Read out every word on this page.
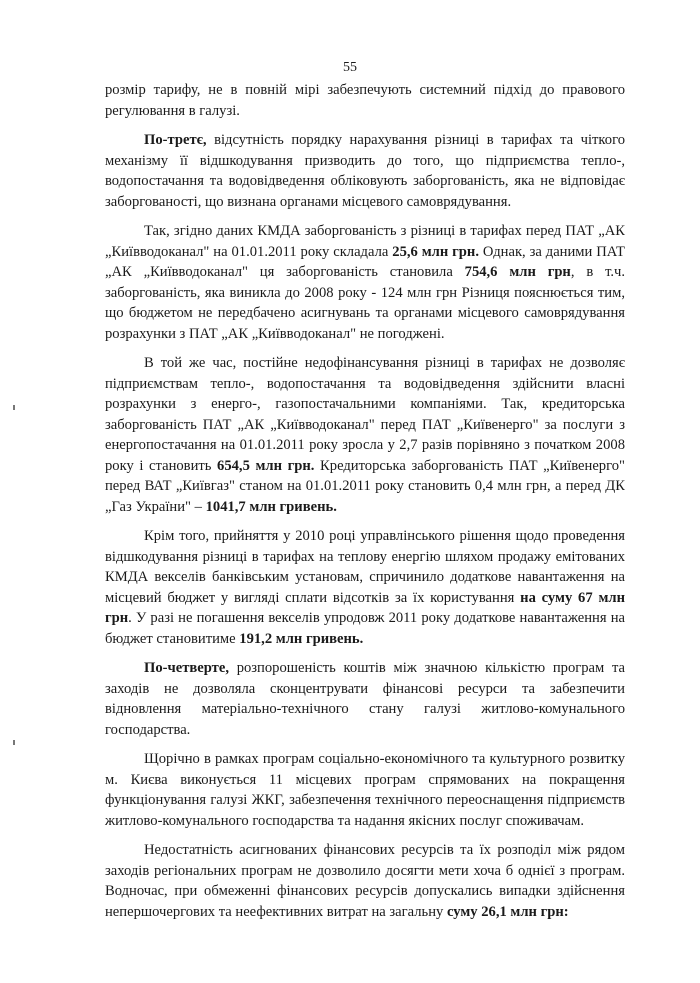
55

розмір тарифу, не в повній мірі забезпечують системний підхід до правового регулювання в галузі.

По-третє, відсутність порядку нарахування різниці в тарифах та чіткого механізму її відшкодування призводить до того, що підприємства тепло-, водопостачання та водовідведення обліковують заборгованість, яка не відповідає заборгованості, що визнана органами місцевого самоврядування.

Так, згідно даних КМДА заборгованість з різниці в тарифах перед ПАТ „АК „Київводоканал" на 01.01.2011 року складала 25,6 млн грн. Однак, за даними ПАТ „АК „Київводоканал" ця заборгованість становила 754,6 млн грн, в т.ч. заборгованість, яка виникла до 2008 року - 124 млн грн Різниця пояснюється тим, що бюджетом не передбачено асигнувань та органами місцевого самоврядування розрахунки з ПАТ „АК „Київводоканал" не погоджені.

В той же час, постійне недофінансування різниці в тарифах не дозволяє підприємствам тепло-, водопостачання та водовідведення здійснити власні розрахунки з енерго-, газопостачальними компаніями. Так, кредиторська заборгованість ПАТ „АК „Київводоканал" перед ПАТ „Київенерго" за послуги з енергопостачання на 01.01.2011 року зросла у 2,7 разів порівняно з початком 2008 року і становить 654,5 млн грн. Кредиторська заборгованість ПАТ „Київенерго" перед ВАТ „Київгаз" станом на 01.01.2011 року становить 0,4 млн грн, а перед ДК „Газ України" – 1041,7 млн гривень.

Крім того, прийняття у 2010 році управлінського рішення щодо проведення відшкодування різниці в тарифах на теплову енергію шляхом продажу емітованих КМДА векселів банківським установам, спричинило додаткове навантаження на місцевий бюджет у вигляді сплати відсотків за їх користування на суму 67 млн грн. У разі не погашення векселів упродовж 2011 року додаткове навантаження на бюджет становитиме 191,2 млн гривень.

По-четверте, розпорошеність коштів між значною кількістю програм та заходів не дозволяла сконцентрувати фінансові ресурси та забезпечити відновлення матеріально-технічного стану галузі житлово-комунального господарства.

Щорічно в рамках програм соціально-економічного та культурного розвитку м. Києва виконується 11 місцевих програм спрямованих на покращення функціонування галузі ЖКГ, забезпечення технічного переоснащення підприємств житлово-комунального господарства та надання якісних послуг споживачам.

Недостатність асигнованих фінансових ресурсів та їх розподіл між рядом заходів регіональних програм не дозволило досягти мети хоча б однієї з програм. Водночас, при обмеженні фінансових ресурсів допускались випадки здійснення непершочергових та неефективних витрат на загальну суму 26,1 млн грн:
